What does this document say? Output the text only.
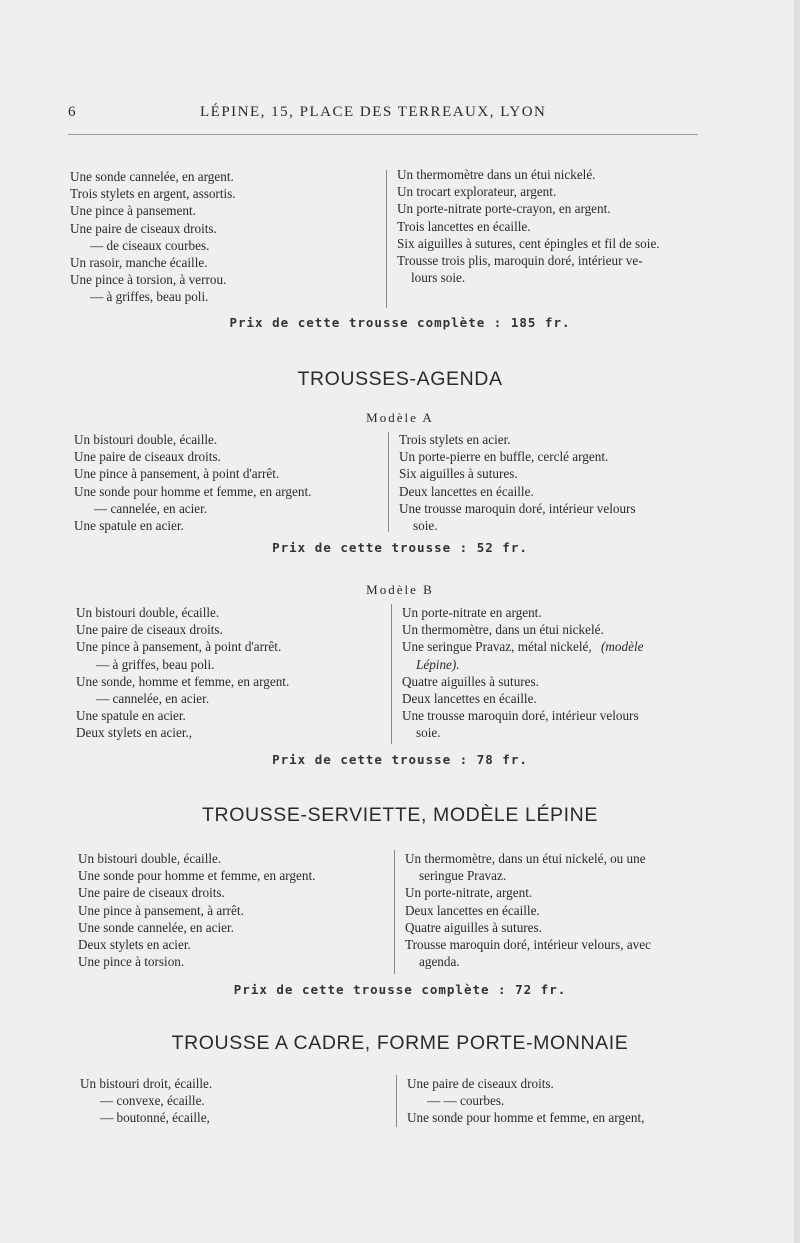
6	LÉPINE, 15, PLACE DES TERREAUX, LYON
Une sonde cannelée, en argent.
Trois stylets en argent, assortis.
Une pince à pansement.
Une paire de ciseaux droits.
— de ciseaux courbes.
Un rasoir, manche écaille.
Une pince à torsion, à verrou.
— à griffes, beau poli.
Un thermomètre dans un étui nickelé.
Un trocart explorateur, argent.
Un porte-nitrate porte-crayon, en argent.
Trois lancettes en écaille.
Six aiguilles à sutures, cent épingles et fil de soie.
Trousse trois plis, maroquin doré, intérieur ve-
lours soie.
Prix de cette trousse complète : 185 fr.
TROUSSES-AGENDA
Modèle A
Un bistouri double, écaille.
Une paire de ciseaux droits.
Une pince à pansement, à point d'arrêt.
Une sonde pour homme et femme, en argent.
— cannelée, en acier.
Une spatule en acier.
Trois stylets en acier.
Un porte-pierre en buffle, cerclé argent.
Six aiguilles à sutures.
Deux lancettes en écaille.
Une trousse maroquin doré, intérieur velours
soie.
Prix de cette trousse : 52 fr.
Modèle B
Un bistouri double, écaille.
Une paire de ciseaux droits.
Une pince à pansement, à point d'arrêt.
— à griffes, beau poli.
Une sonde, homme et femme, en argent.
— cannelée, en acier.
Une spatule en acier.
Deux stylets en acier.,
Un porte-nitrate en argent.
Un thermomètre, dans un étui nickelé.
Une seringue Pravaz, métal nickelé, (modèle
Lépine).
Quatre aiguilles à sutures.
Deux lancettes en écaille.
Une trousse maroquin doré, intérieur velours
soie.
Prix de cette trousse : 78 fr.
TROUSSE-SERVIETTE, MODÈLE LÉPINE
Un bistouri double, écaille.
Une sonde pour homme et femme, en argent.
Une paire de ciseaux droits.
Une pince à pansement, à arrêt.
Une sonde cannelée, en acier.
Deux stylets en acier.
Une pince à torsion.
Un thermomètre, dans un étui nickelé, ou une
seringue Pravaz.
Un porte-nitrate, argent.
Deux lancettes en écaille.
Quatre aiguilles à sutures.
Trousse maroquin doré, intérieur velours, avec
agenda.
Prix de cette trousse complète : 72 fr.
TROUSSE A CADRE, FORME PORTE-MONNAIE
Un bistouri droit, écaille.
— convexe, écaille.
— boutonné, écaille,
Une paire de ciseaux droits.
— — courbes.
Une sonde pour homme et femme, en argent,
